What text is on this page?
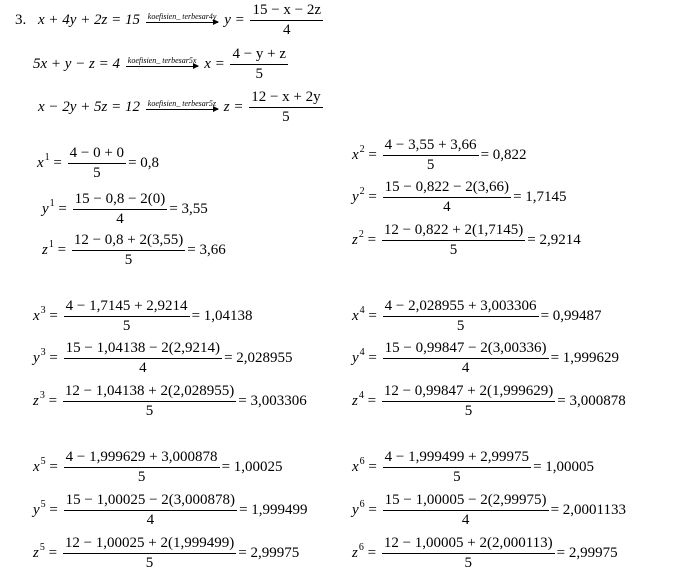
3. x + 4y + 2z = 15 koefisien_ terbesar4y $y = \frac{15 - x - 2z}{4}$
5x + y − z = 4 koefisien_ terbesar5x $x = \frac{4 - y + z}{5}$
x − 2y + 5z = 12 koefisien_ terbesar5z $z = \frac{12 - x + 2y}{5}$
$x^1 = \frac{4 - 0 + 0}{5} = 0,8$
$y^1 = \frac{15 - 0,8 - 2(0)}{4} = 3,55$
$z^1 = \frac{12 - 0,8 + 2(3,55)}{5} = 3,66$
$x^2 = \frac{4 - 3,55 + 3,66}{5} = 0,822$
$y^2 = \frac{15 - 0,822 - 2(3,66)}{4} = 1,7145$
$z^2 = \frac{12 - 0,822 + 2(1,7145)}{5} = 2,9214$
$x^3 = \frac{4 - 1,7145 + 2,9214}{5} = 1,04138$
$y^3 = \frac{15 - 1,04138 - 2(2,9214)}{4} = 2,028955$
$z^3 = \frac{12 - 1,04138 + 2(2,028955)}{5} = 3,003306$
$x^4 = \frac{4 - 2,028955 + 3,003306}{5} = 0,99487$
$y^4 = \frac{15 - 0,99847 - 2(3,00336)}{4} = 1,999629$
$z^4 = \frac{12 - 0,99847 + 2(1,999629)}{5} = 3,000878$
$x^5 = \frac{4 - 1,999629 + 3,000878}{5} = 1,00025$
$y^5 = \frac{15 - 1,00025 - 2(3,000878)}{4} = 1,999499$
$z^5 = \frac{12 - 1,00025 + 2(1,999499)}{5} = 2,99975$
$x^6 = \frac{4 - 1,999499 + 2,99975}{5} = 1,00005$
$y^6 = \frac{15 - 1,00005 - 2(2,99975)}{4} = 2,0001133$
$z^6 = \frac{12 - 1,00005 + 2(2,000113)}{5} = 2,99975$
